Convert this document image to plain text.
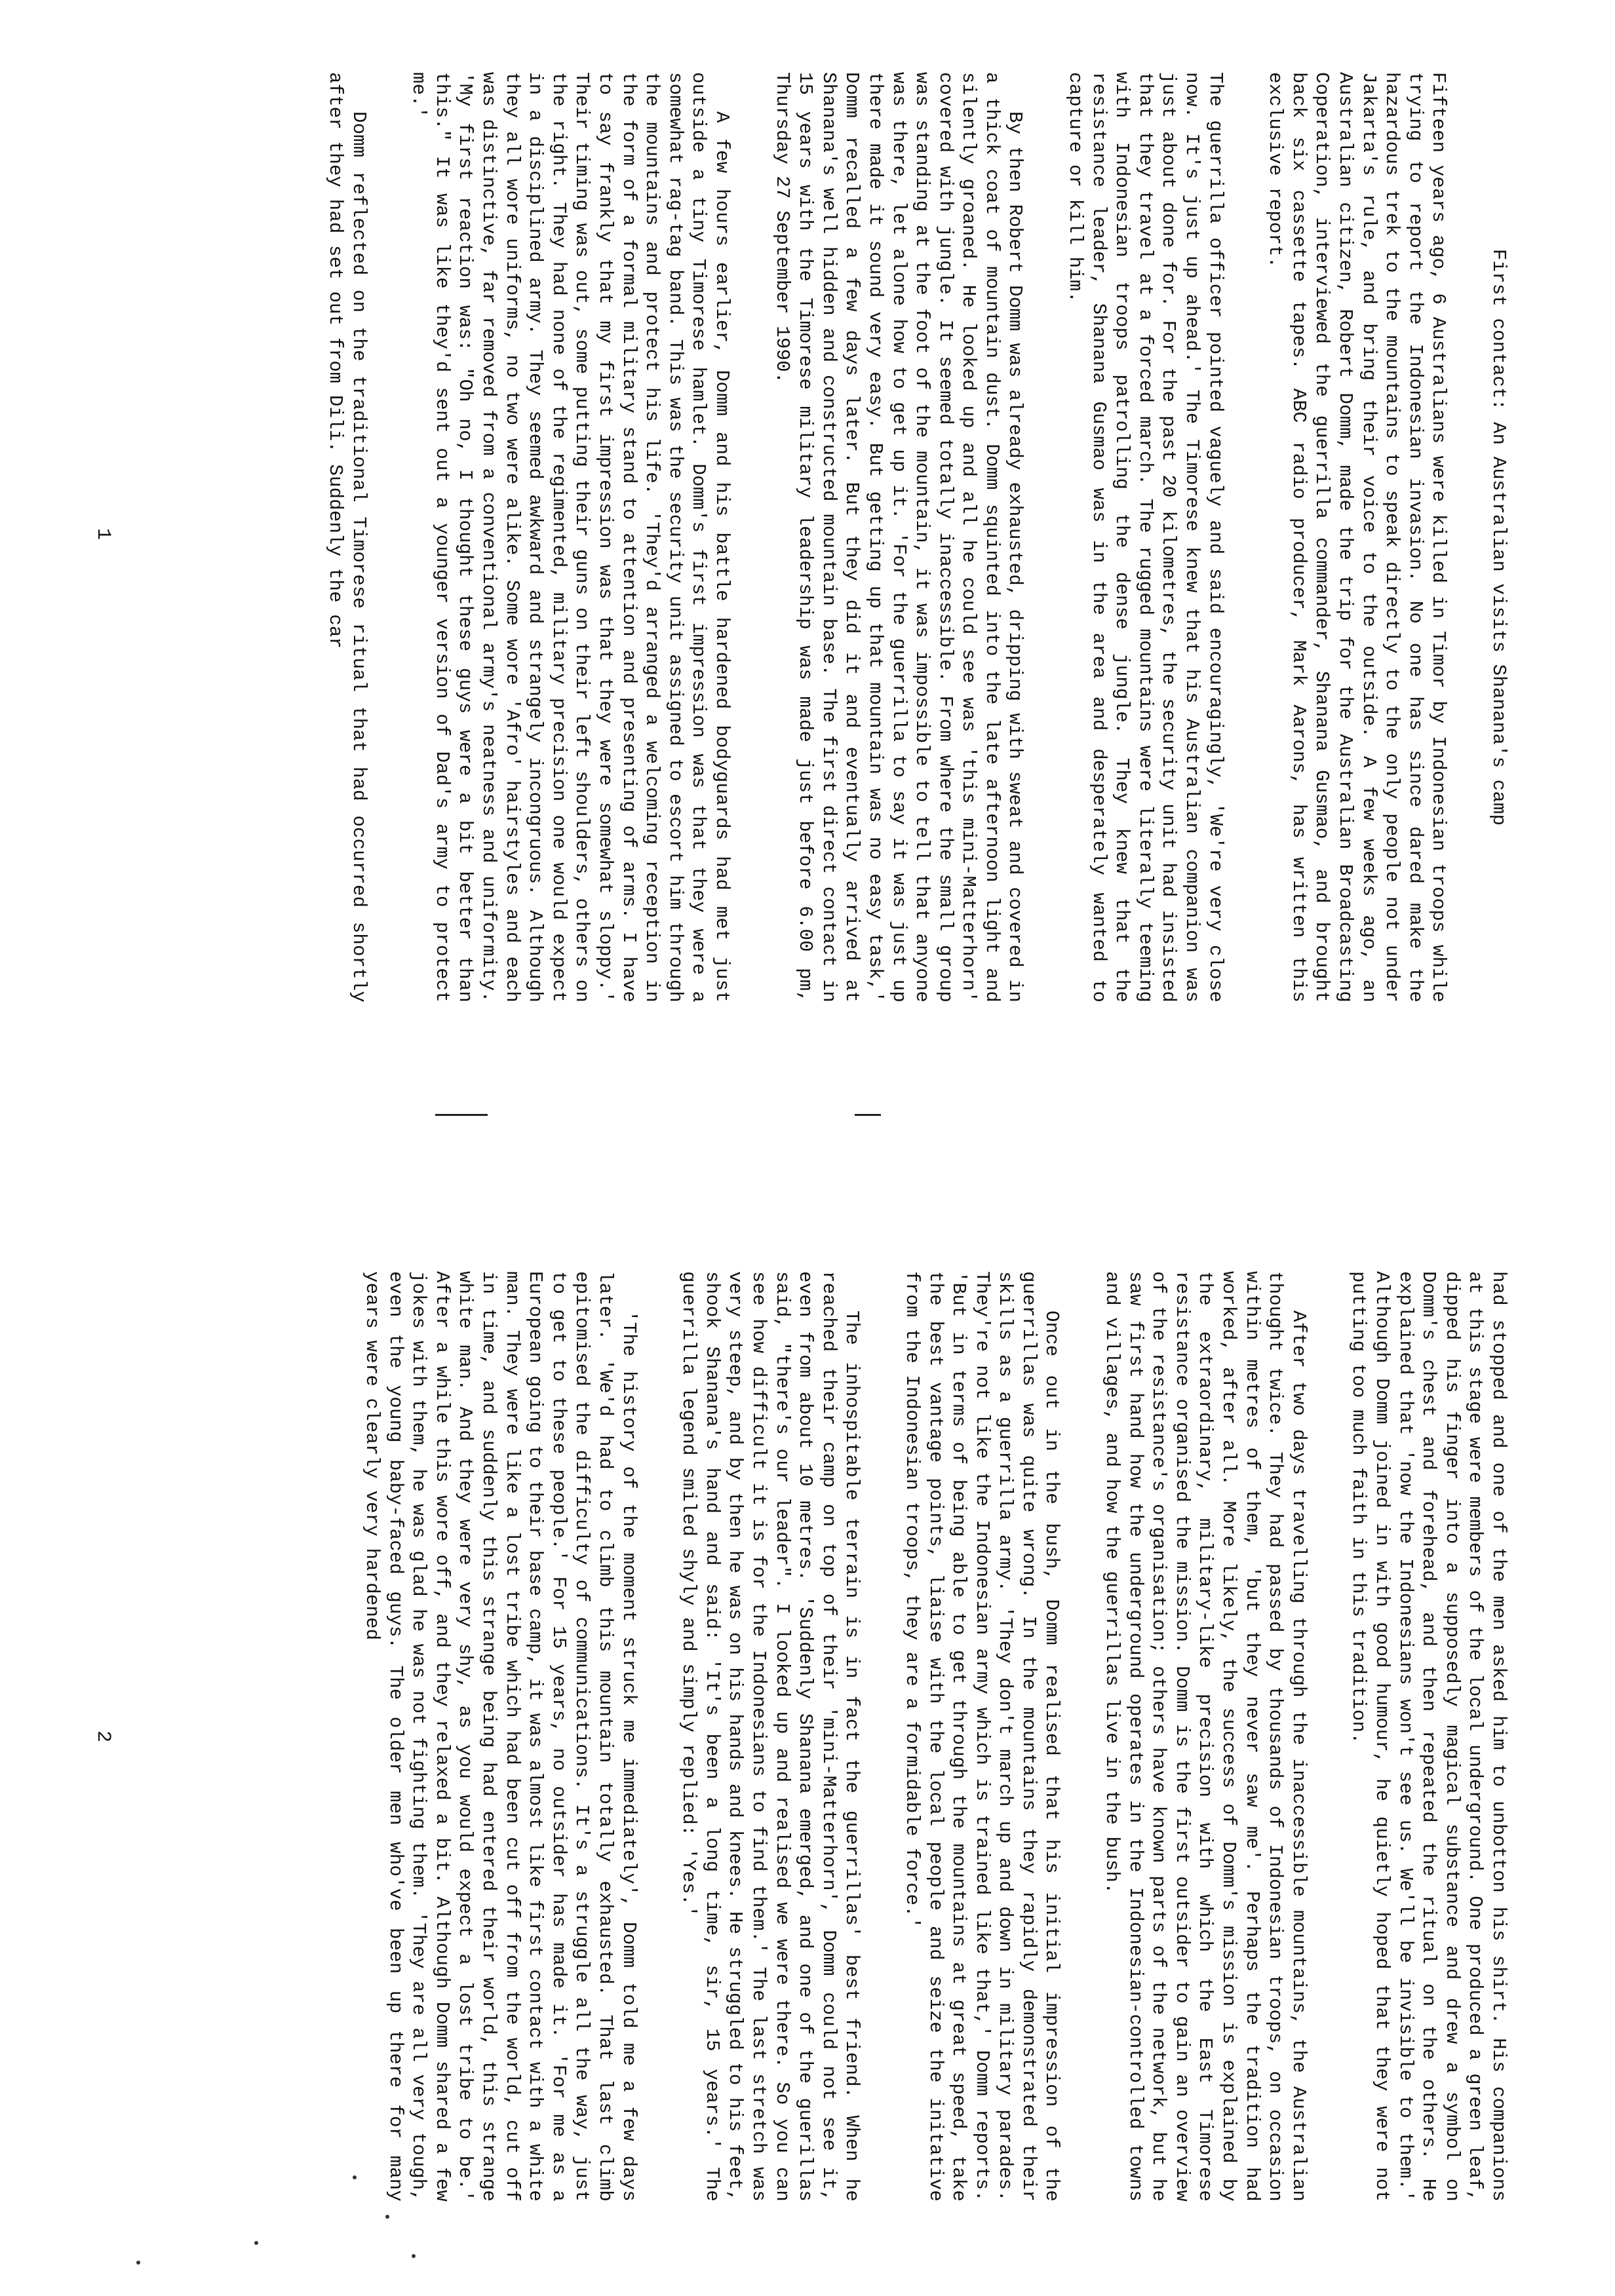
First contact: An Australian visits Shanana's camp

Fifteen years ago, 6 Australians were killed in Timor by Indonesian troops while trying to report the Indonesian invasion. No one has since dared make the hazardous trek to the mountains to speak directly to the only people not under Jakarta's rule, and bring their voice to the outside. A few weeks ago, an Australian citizen, Robert Domm, made the trip for the Australian Broadcasting Coperation, interviewed the guerrilla commander, Shanana Gusmao, and brought back six cassette tapes. ABC radio producer, Mark Aarons, has written this exclusive report.

The guerrilla officer pointed vaguely and said encouragingly, 'We're very close now. It's just up ahead.' The Timorese knew that his Australian companion was just about done for. For the past 20 kilometres, the security unit had insisted that they travel at a forced march. The rugged mountains were literally teeming with Indonesian troops patrolling the dense jungle. They knew that the resistance leader, Shanana Gusmao was in the area and desperately wanted to capture or kill him.

By then Robert Domm was already exhausted, dripping with sweat and covered in a thick coat of mountain dust. Domm squinted into the late afternoon light and silently groaned. He looked up and all he could see was 'this mini-Matterhorn' covered with jungle. It seemed totally inaccessible. From where the small group was standing at the foot of the mountain, it was impossible to tell that anyone was there, let alone how to get up it. 'For the guerrilla to say it was just up there made it sound very easy. But getting up that mountain was no easy task,' Domm recalled a few days later. But they did it and eventually arrived at Shanana's well hidden and constructed mountain base. The first direct contact in 15 years with the Timorese military leadership was made just before 6.00 pm, Thursday 27 September 1990.

A few hours earlier, Domm and his battle hardened bodyguards had met just outside a tiny Timorese hamlet. Domm's first impression was that they were a somewhat rag-tag band. This was the security unit assigned to escort him through the mountains and protect his life. 'They'd arranged a welcoming reception in the form of a formal military stand to attention and presenting of arms. I have to say frankly that my first impression was that they were somewhat sloppy.' Their timing was out, some putting their guns on their left shoulders, others on the right. They had none of the regimented, military precision one would expect in a disciplined army. They seemed awkward and strangely incongruous. Although they all wore uniforms, no two were alike. Some wore 'Afro' hairstyles and each was distinctive, far removed from a conventional army's neatness and uniformity. 'My first reaction was: "Oh no, I thought these guys were a bit better than this." It was like they'd sent out a younger version of Dad's army to protect me.'

Domm reflected on the traditional Timorese ritual that had occurred shortly after they had set out from Dili. Suddenly the car

1

had stopped and one of the men asked him to unbotton his shirt. His companions at this stage were members of the local underground. One produced a green leaf, dipped his finger into a supposedly magical substance and drew a symbol on Domm's chest and forehead, and then repeated the ritual on the others. He explained that 'now the Indonesians won't see us. We'll be invisible to them.' Although Domm joined in with good humour, he quietly hoped that they were not putting too much faith in this tradition.

After two days travelling through the inaccessible mountains, the Australian thought twice. They had passed by thousands of Indonesian troops, on occasion within metres of them, 'but they never saw me'. Perhaps the tradition had worked, after all. More likely, the success of Domm's mission is explained by the extraordinary, military-like precision with which the East Timorese resistance organised the mission. Domm is the first outsider to gain an overview of the resistance's organisation; others have known parts of the network, but he saw first hand how the underground operates in the Indonesian-controlled towns and villages, and how the guerrillas live in the bush.

Once out in the bush, Domm realised that his initial impression of the guerrillas was quite wrong. In the mountains they rapidly demonstrated their skills as a guerrilla army. 'They don't march up and down in military parades. They're not like the Indonesian army which is trained like that,' Domm reports. 'But in terms of being able to get through the mountains at great speed, take the best vantage points, liaise with the local people and seize the initative from the Indonesian troops, they are a formidable force.'

The inhospitable terrain is in fact the guerrillas' best friend. When he reached their camp on top of their 'mini-Matterhorn', Domm could not see it, even from about 10 metres. 'Suddenly Shanana emerged, and one of the guerillas said, "there's our leader". I looked up and realised we were there. So you can see how difficult it is for the Indonesians to find them.' The last stretch was very steep, and by then he was on his hands and knees. He struggled to his feet, shook Shanana's hand and said: 'It's been a long time, sir, 15 years.' The guerrilla legend smiled shyly and simply replied: 'Yes.'

'The history of the moment struck me immediately', Domm told me a few days later. 'We'd had to climb this mountain totally exhausted. That last climb epitomised the difficulty of communications. It's a struggle all the way, just to get to these people.' For 15 years, no outsider has made it. 'For me as a European going to their base camp, it was almost like first contact with a white man. They were like a lost tribe which had been cut off from the world, cut off in time, and suddenly this strange being had entered their world, this strange white man. And they were very shy, as you would expect a lost tribe to be.' After a while this wore off, and they relaxed a bit. Although Domm shared a few jokes with them, he was glad he was not fighting them. 'They are all very tough, even the young baby-faced guys. The older men who've been up there for many years were clearly very hardened

2
